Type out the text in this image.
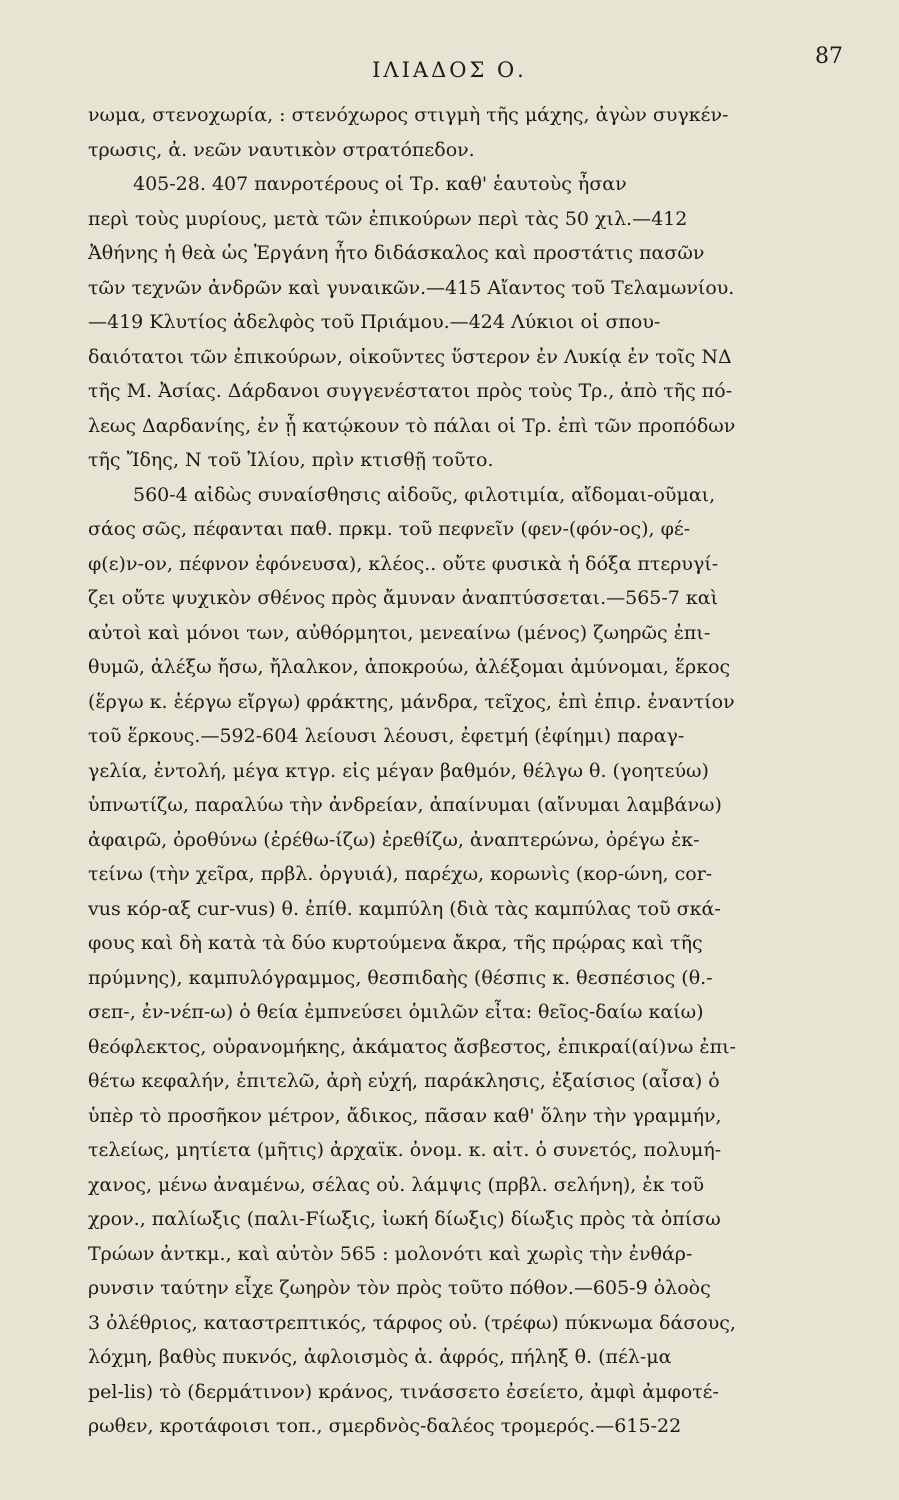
ΙΛΙΑΔΟΣ Ο.
87
νωμα, στενοχωρία, : στενόχωρος στιγμὴ τῆς μάχης, ἀγὼν συγκέν-
τρωσις, ἀ. νεῶν ναυτικὸν στρατόπεδον.
405-28. 407 πανροτέρους οἱ Τρ. καθ' ἑαυτοὺς ἦσαν
περὶ τοὺς μυρίους, μετὰ τῶν ἐπικούρων περὶ τὰς 50 χιλ.—412
Ἀθήνης ἡ θεὰ ὡς Ἐργάνη ἦτο διδάσκαλος καὶ προστάτις πασῶν
τῶν τεχνῶν ἀνδρῶν καὶ γυναικῶν.—415 Αἴαντος τοῦ Τελαμωνίου.
—419 Κλυτίος ἀδελφὸς τοῦ Πριάμου.—424 Λύκιοι οἱ σπου-
δαιότατοι τῶν ἐπικούρων, οἰκοῦντες ὕστερον ἐν Λυκίᾳ ἐν τοῖς ΝΔ
τῆς Μ. Ἀσίας. Δάρδανοι συγγενέστατοι πρὸς τοὺς Τρ., ἀπὸ τῆς πό-
λεως Δαρδανίης, ἐν ᾗ κατῴκουν τὸ πάλαι οἱ Τρ. ἐπὶ τῶν προπόδων
τῆς Ἴδης, Ν τοῦ Ἰλίου, πρὶν κτισθῇ τοῦτο.
560-4 αἰδὼς συναίσθησις αἰδοῦς, φιλοτιμία, αἴδομαι-οῦμαι,
σάος σῶς, πέφανται παθ. πρκμ. τοῦ πεφνεῖν (φεν-(φόν-ος), φέ-
φ(ε)ν-ον, πέφνον ἐφόνευσα), κλέος.. οὔτε φυσικὰ ἡ δόξα πτερυγί-
ζει οὔτε ψυχικὸν σθένος πρὸς ἄμυναν ἀναπτύσσεται.—565-7 καὶ
αὐτοὶ καὶ μόνοι των, αὐθόρμητοι, μενεαίνω (μένος) ζωηρῶς ἐπι-
θυμῶ, ἀλέξω ἤσω, ἤλαλκον, ἀποκρούω, ἀλέξομαι ἀμύνομαι, ἕρκος
(ἕργω κ. ἑέργω εἴργω) φράκτης, μάνδρα, τεῖχος, ἐπὶ ἐπιρ. ἐναντίον
τοῦ ἕρκους.—592-604 λείουσι λέουσι, ἐφετμή (ἐφίημι) παραγ-
γελία, ἐντολή, μέγα κτγρ. εἰς μέγαν βαθμόν, θέλγω θ. (γοητεύω)
ὑπνωτίζω, παραλύω τὴν ἀνδρείαν, ἀπαίνυμαι (αἴνυμαι λαμβάνω)
ἀφαιρῶ, ὀροθύνω (ἐρέθω-ίζω) ἐρεθίζω, ἀναπτερώνω, ὀρέγω ἐκ-
τείνω (τὴν χεῖρα, πρβλ. ὀργυιά), παρέχω, κορωνὶς (κορ-ώνη, cor-
vus κόρ-αξ cur-vus) θ. ἐπίθ. καμπύλη (διὰ τὰς καμπύλας τοῦ σκά-
φους καὶ δὴ κατὰ τὰ δύο κυρτούμενα ἄκρα, τῆς πρῴρας καὶ τῆς
πρύμνης), καμπυλόγραμμος, θεσπιδαὴς (θέσπις κ. θεσπέσιος (θ.-
σεπ-, ἐν-νέπ-ω) ὁ θεία ἐμπνεύσει ὁμιλῶν εἶτα: θεῖος-δαίω καίω)
θεόφλεκτος, οὐρανομήκης, ἀκάματος ἄσβεστος, ἐπικραί(αί)νω ἐπι-
θέτω κεφαλήν, ἐπιτελῶ, ἀρὴ εὐχή, παράκλησις, ἐξαίσιος (αἶσα) ὁ
ὑπὲρ τὸ προσῆκον μέτρον, ἄδικος, πᾶσαν καθ' ὅλην τὴν γραμμήν,
τελείως, μητίετα (μῆτις) ἀρχαϊκ. ὀνομ. κ. αἰτ. ὁ συνετός, πολυμή-
χανος, μένω ἀναμένω, σέλας οὐ. λάμψις (πρβλ. σελήνη), ἐκ τοῦ
χρον., παλίωξις (παλι-Fίωξις, ἰωκή δίωξις) δίωξις πρὸς τὰ ὀπίσω
Τρώων ἀντκμ., καὶ αὐτὸν 565 : μολονότι καὶ χωρὶς τὴν ἐνθάρ-
ρυνσιν ταύτην εἶχε ζωηρὸν τὸν πρὸς τοῦτο πόθον.—605-9 ὀλοὸς
3 ὀλέθριος, καταστρεπτικός, τάρφος οὐ. (τρέφω) πύκνωμα δάσους,
λόχμη, βαθὺς πυκνός, ἀφλοισμὸς ἀ. ἀφρός, πήληξ θ. (πέλ-μα
pel-lis) τὸ (δερμάτινον) κράνος, τινάσσετο ἐσείετο, ἀμφὶ ἀμφοτέ-
ρωθεν, κροτάφοισι τοπ., σμερδνὸς-δαλέος τρομερός.—615-22
